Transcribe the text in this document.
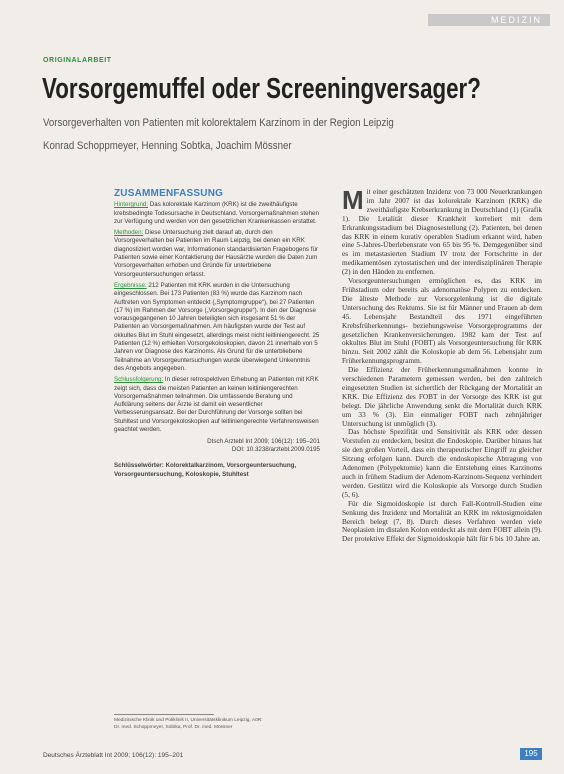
MEDIZIN
ORIGINALARBEIT
Vorsorgemuffel oder Screeningversager?
Vorsorgeverhalten von Patienten mit kolorektalem Karzinom in der Region Leipzig
Konrad Schoppmeyer, Henning Sobtka, Joachim Mössner
ZUSAMMENFASSUNG

Hintergrund: Das kolorektale Karzinom (KRK) ist die zweithäufigste krebsbedingte Todesursache in Deutschland. Vorsorgemaßnahmen stehen zur Verfügung und werden von den gesetzlichen Krankenkassen erstattet.

Methoden: Diese Untersuchung zielt darauf ab, durch den Vorsorgeverhalten bei Patienten im Raum Leipzig, bei denen ein KRK diagnostiziert worden war, Informationen standardisierten Fragebogens für Patienten sowie einer Kontaktierung der Hausärzte wurden die Daten zum Vorsorgeverhalten erhoben und Gründe für unterbliebene Vorsorgeuntersuchungen erfasst.

Ergebnisse: 212 Patienten mit KRK wurden in die Untersuchung eingeschlossen. Bei 173 Patienten (83 %) wurde das Karzinom nach Auftreten von Symptomen entdeckt („Symptomgruppe“), bei 27 Patienten (17 %) im Rahmen der Vorsorge („Vorsorgegruppe“). In den der Diagnose vorausgegangenen 10 Jahren beteiligten sich insgesamt 51 % der Patienten an Vorsorgemaßnahmen. Am häufigsten wurde der Test auf okkultes Blut im Stuhl eingesetzt, allerdings meist nicht leitliniengerecht. 25 Patienten (12 %) erhielten Vorsorgekoloskopien, davon 21 innerhalb von 5 Jahren vor Diagnose des Karzinoms. Als Grund für die unterbliebene Teilnahme an Vorsorgeuntersuchungen wurde überwiegend Unkenntnis des Angebots angegeben.

Schlussfolgerung: In dieser retrospektiven Erhebung an Patienten mit KRK zeigt sich, dass die meisten Patienten an keinen leitliniengerechten Vorsorgemaßnahmen teilnahmen. Die umfassende Beratung und Aufklärung seitens der Ärzte ist damit ein wesentlicher Verbesserungsansatz. Bei der Durchführung der Vorsorge sollten bei Stuhltest und Vorsorgekoloskopien auf leitliniengerechte Verfahrensweisen geachtet werden.

Dtsch Arztebl Int 2009; 106(12): 195–201
DOI: 10.3238/arztebl.2009.0195
Schlüsselwörter: Kolorektalkarzinom, Vorsorgeuntersuchung, Vorsorgeuntersuchung, Koloskopie, Stuhltest
Medizinische Klinik und Poliklinik II, Universitätsklinikum Leipzig, AöR:
Dr. med. Schoppmeyer, Sobtka, Prof. Dr. med. Mössner

Mit einer geschätzten Inzidenz von 73 000 Neuerkrankungen im Jahr 2007 ist das kolorektale Karzinom (KRK) die zweithäufigste Krebserkrankung in Deutschland (1) (Grafik 1). Die Letalität dieser Krankheit korreliert mit dem Erkrankungsstadium bei Diagnosestellung (2). Patienten, bei denen das KRK in einem kurativ operablen Stadium erkannt wird, haben eine 5-Jahres-Überlebensrate von 65 bis 95 %. Demgegenüber sind es im metastasierten Stadium IV trotz der Fortschritte in der medikamentösen zytostatischen und der interdisziplinären Therapie (2) in den Händen zu entfernen.

Vorsorgeuntersuchungen ermöglichen es, das KRK im Frühstadium oder bereits als adenomatöse Polypen zu entdecken. Die älteste Methode zur Vorsorgelenkung ist die digitale Untersuchung des Rektums. Sie ist für Männer und Frauen ab dem 45. Lebensjahr Bestandteil des 1971 eingeführten Krebsfrüherkennungs- beziehungsweise Vorsorgeprogramms der gesetzlichen Krankenversicherungen. 1982 kam der Test auf okkultes Blut im Stuhl (FOBT) als Vorsorgeuntersuchung für KRK hinzu. Seit 2002 zählt die Koloskopie ab dem 56. Lebensjahr zum Früherkennungsprogramm.

Die Effizienz der Früherkennungsmaßnahmen konnte in verschiedenen Parametern gemessen werden, bei den zahlreich eingesetzten Studien ist sichertlich der Rückgang der Mortalität an KRK. Die Effizienz des FOBT in der Vorsorge des KRK ist gut belegt. Die jährliche Anwendung senkt die Mortalität durch KRK um 33 % (3). Ein einmaliger FOBT nach zehnjähriger Untersuchung ist unmöglich (3).

Das höchste Spezifität und Sensitivität als KRK oder dessen Vorstufen zu entdecken, besitzt die Endoskopie. Darüber hinaus hat sie den großen Vorteil, dass ein therapeutischer Eingriff zu gleicher Sitzung erfolgen kann. Durch die endoskopische Abtragung von Adenomen (Polypektomie) kann die Entstehung eines Karzinoms auch in frühem Stadium der Adenom-Karzinom-Sequenz verhindert werden. Gestützt wird die Koloskopie als Vorsorge durch Studien (5, 6).

Für die Sigmoidoskopie ist durch Fall-Kontroll-Studien eine Senkung des Inzidenz und Mortalität an KRK im rektosigmoidalen Bereich belegt (7, 8). Durch dieses Verfahren werden viele Neoplasien im distalen Kolon entdeckt als mit dem FOBT allein (9). Der protektive Effekt der Sigmoidoskopie hält für 6 bis 10 Jahre an.

Deutsches Ärzteblatt Int 2009; 106(12): 195–201	195
